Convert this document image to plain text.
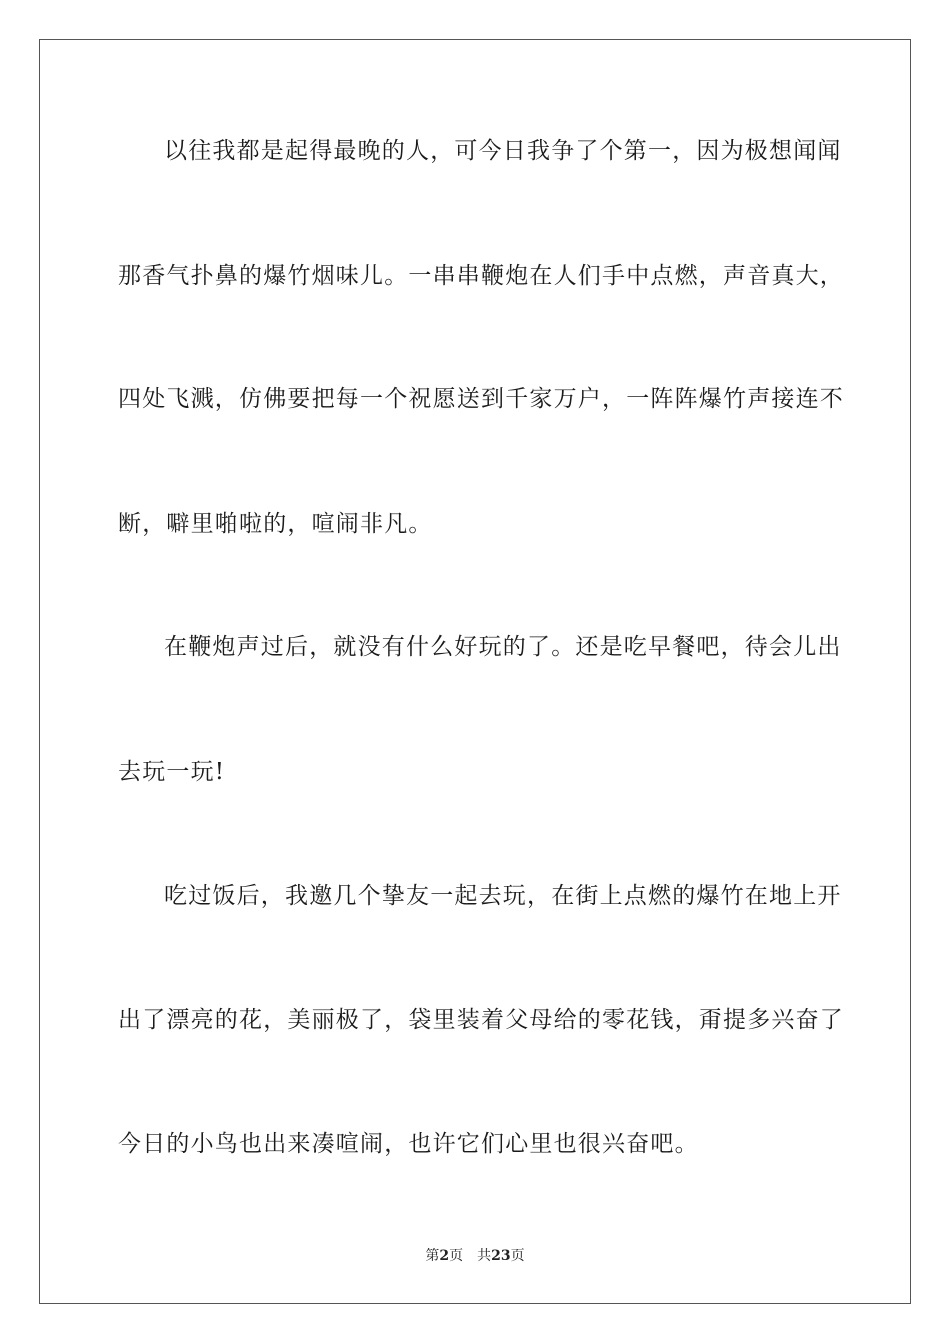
以往我都是起得最晚的人，可今日我争了个第一，因为极想闻闻
那香气扑鼻的爆竹烟味儿。一串串鞭炮在人们手中点燃，声音真大，
四处飞溅，仿佛要把每一个祝愿送到千家万户，一阵阵爆竹声接连不
断，噼里啪啦的，喧闹非凡。
在鞭炮声过后，就没有什么好玩的了。还是吃早餐吧，待会儿出
去玩一玩!
吃过饭后，我邀几个挚友一起去玩，在街上点燃的爆竹在地上开
出了漂亮的花，美丽极了，袋里装着父母给的零花钱，甭提多兴奋了
今日的小鸟也出来凑喧闹，也许它们心里也很兴奋吧。
第2页 共23页
